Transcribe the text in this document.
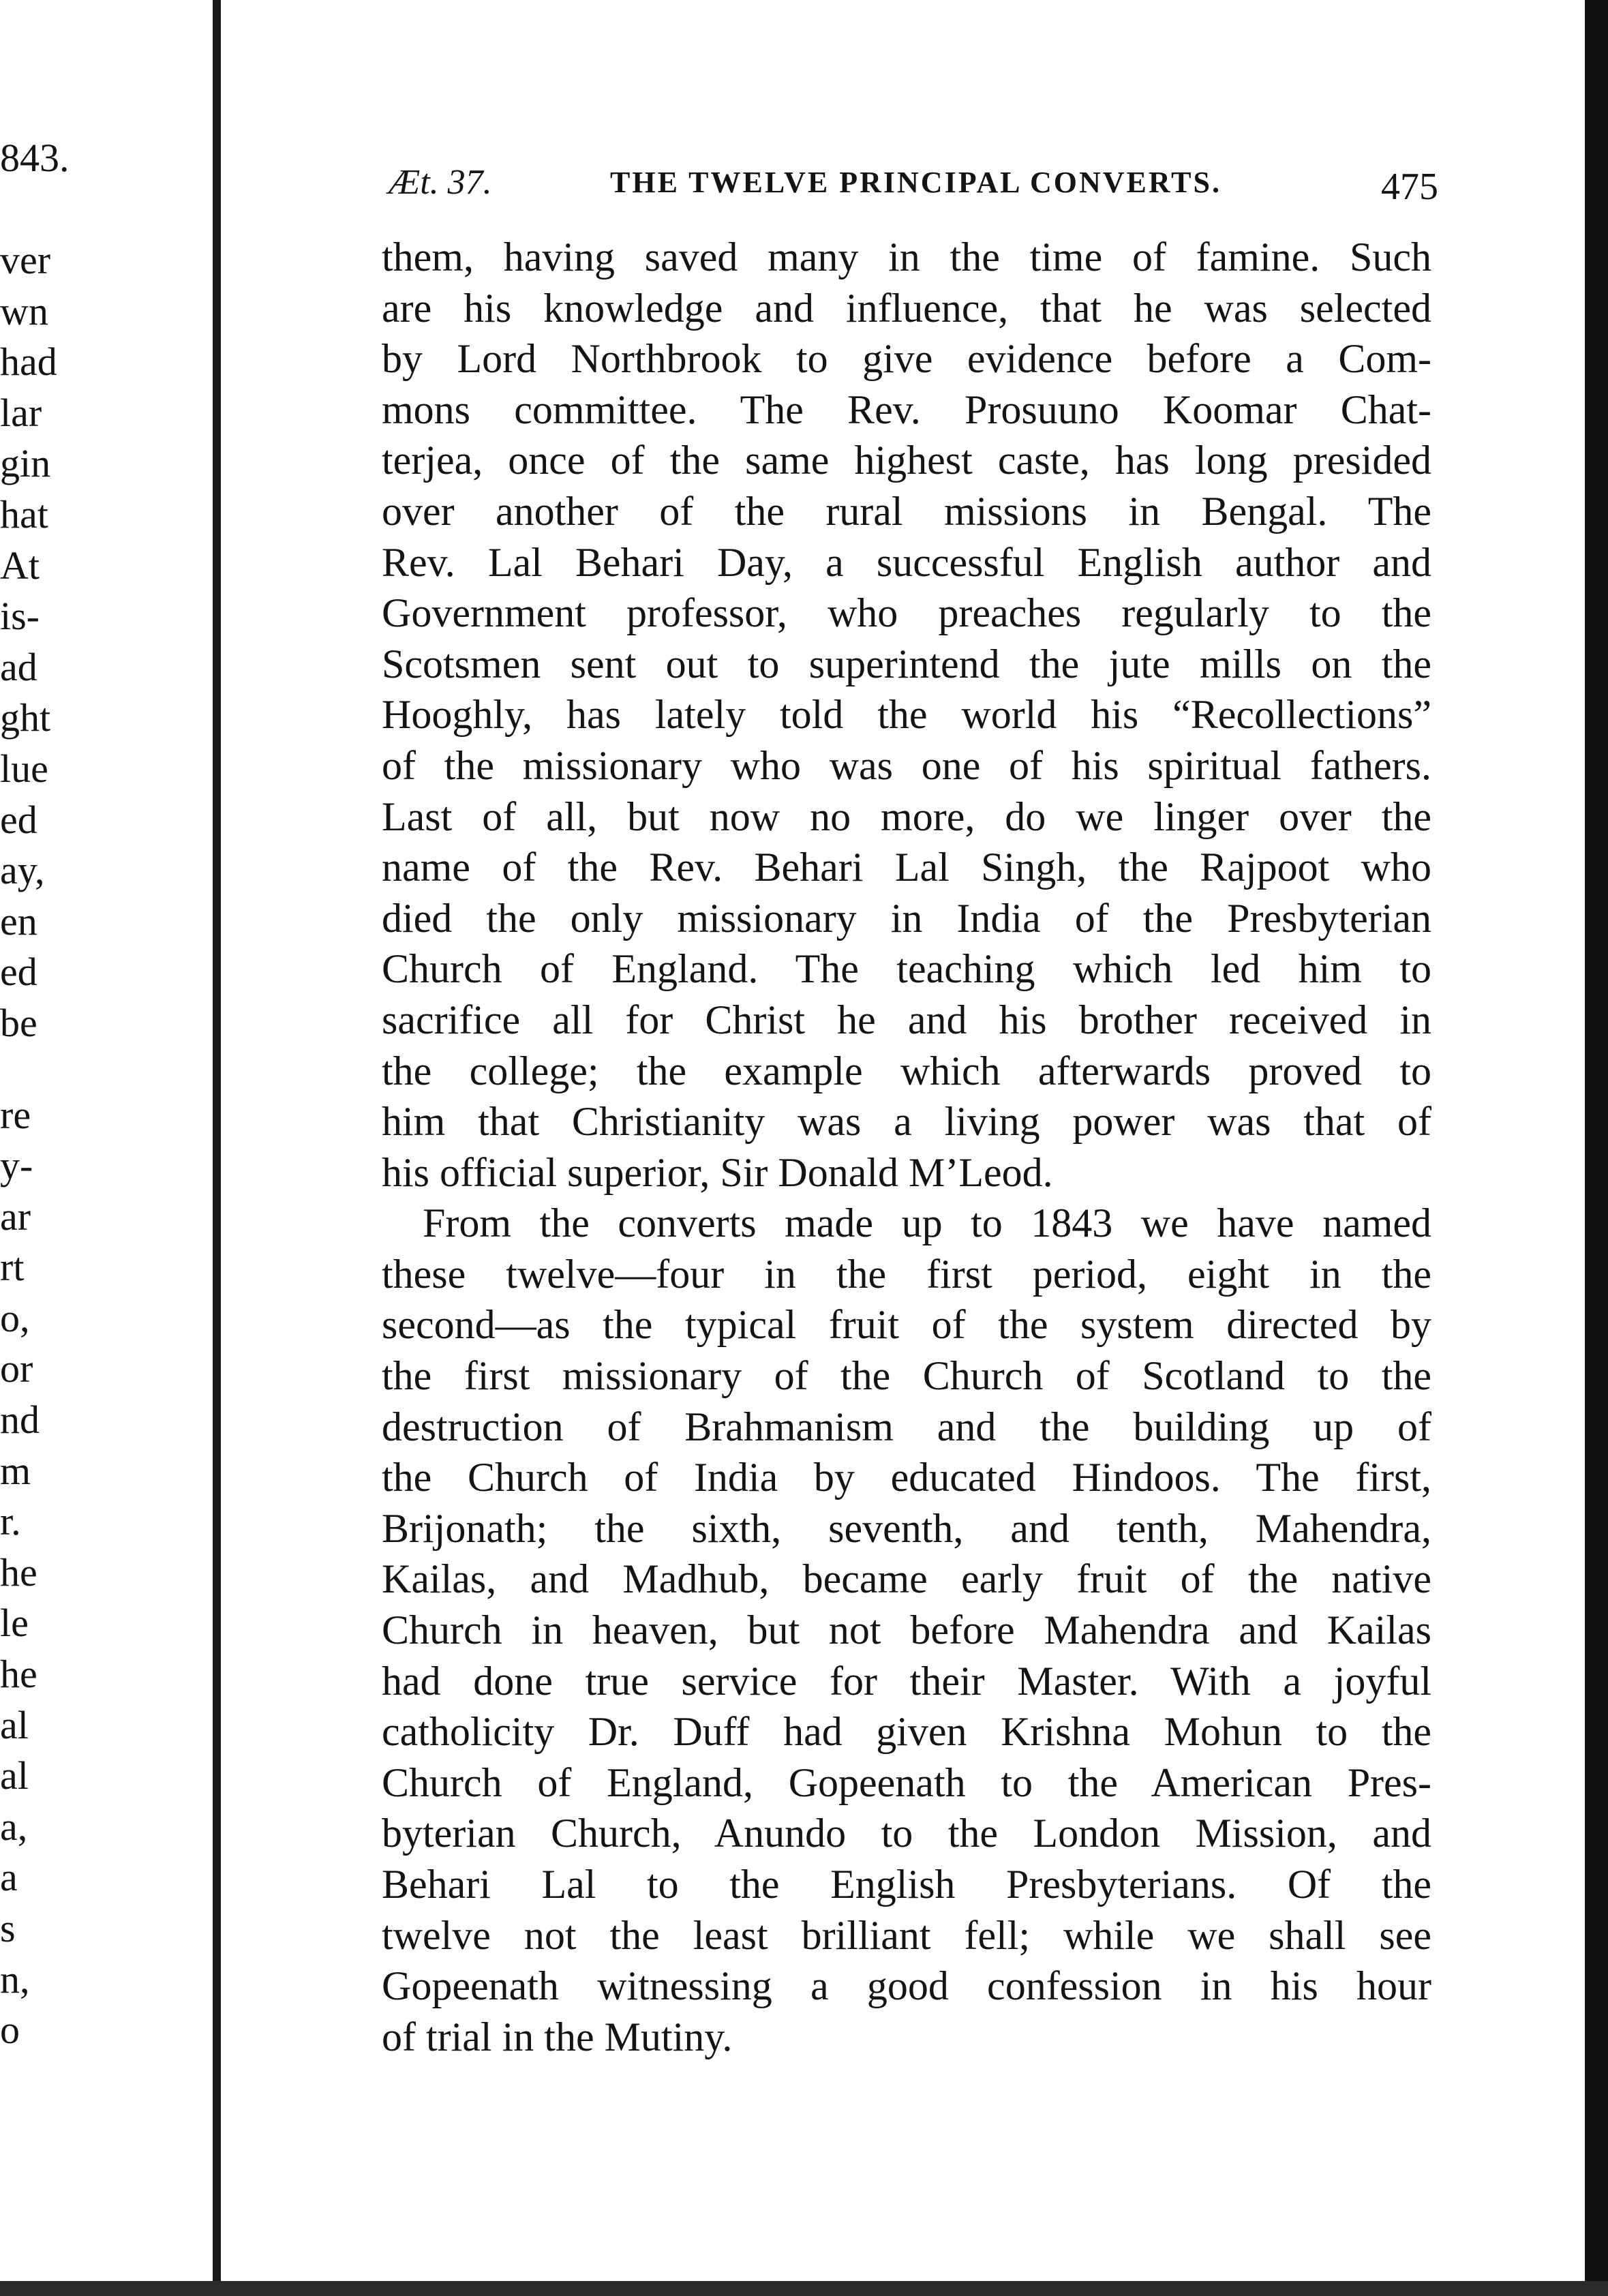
843.
ver
wn
had
lar
gin
hat
At
is-
ad
ght
lue
ed
ay,
en
ed
be
re
y-
ar
rt
o,
or
nd
m
r.
he
le
he
al
al
a,
a
s
n,
o
Æt. 37.	THE TWELVE PRINCIPAL CONVERTS.	475
them, having saved many in the time of famine. Such
are his knowledge and influence, that he was selected
by Lord Northbrook to give evidence before a Com-
mons committee. The Rev. Prosuuno Koomar Chat-
terjea, once of the same highest caste, has long presided
over another of the rural missions in Bengal. The
Rev. Lal Behari Day, a successful English author and
Government professor, who preaches regularly to the
Scotsmen sent out to superintend the jute mills on the
Hooghly, has lately told the world his “Recollections”
of the missionary who was one of his spiritual fathers.
Last of all, but now no more, do we linger over the
name of the Rev. Behari Lal Singh, the Rajpoot who
died the only missionary in India of the Presbyterian
Church of England. The teaching which led him to
sacrifice all for Christ he and his brother received in
the college; the example which afterwards proved to
him that Christianity was a living power was that of
his official superior, Sir Donald M’Leod.
From the converts made up to 1843 we have named
these twelve—four in the first period, eight in the
second—as the typical fruit of the system directed by
the first missionary of the Church of Scotland to the
destruction of Brahmanism and the building up of
the Church of India by educated Hindoos. The first,
Brijonath; the sixth, seventh, and tenth, Mahendra,
Kailas, and Madhub, became early fruit of the native
Church in heaven, but not before Mahendra and Kailas
had done true service for their Master. With a joyful
catholicity Dr. Duff had given Krishna Mohun to the
Church of England, Gopeenath to the American Pres-
byterian Church, Anundo to the London Mission, and
Behari Lal to the English Presbyterians. Of the
twelve not the least brilliant fell; while we shall see
Gopeenath witnessing a good confession in his hour
of trial in the Mutiny.
